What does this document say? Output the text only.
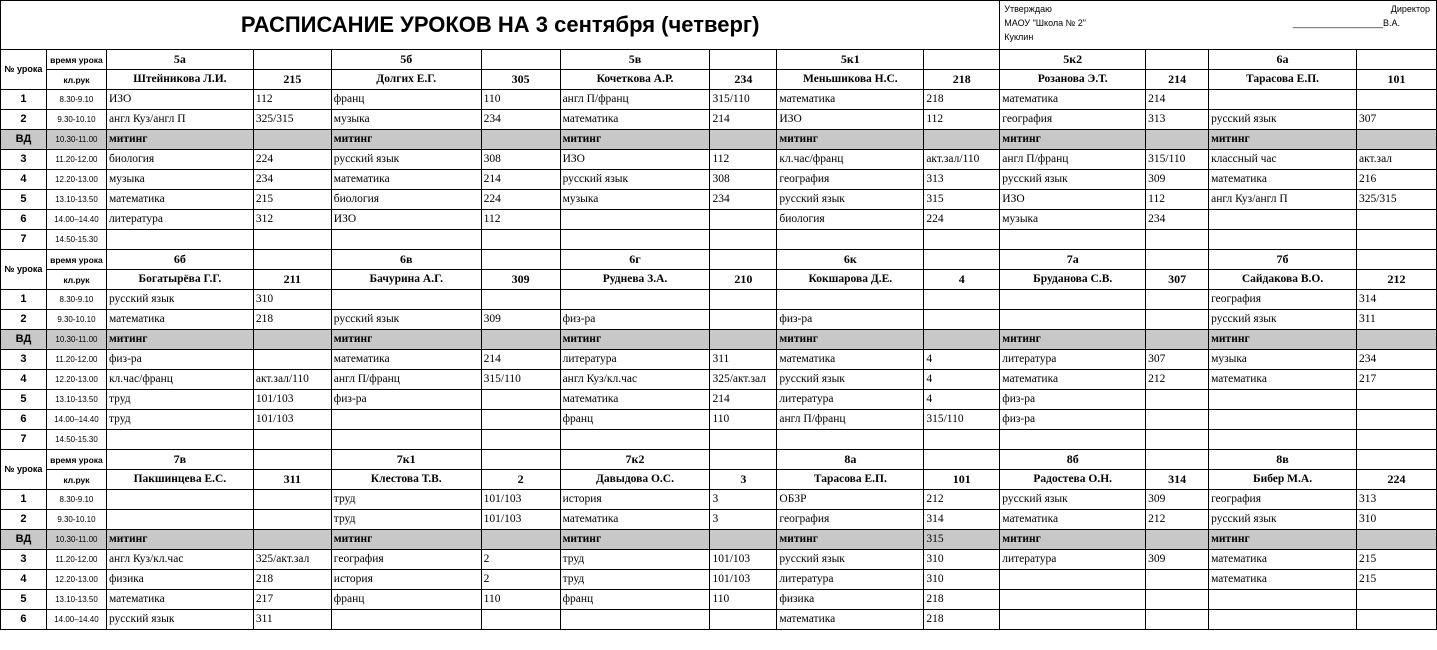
РАСПИСАНИЕ УРОКОВ НА 3 сентября (четверг)										Утверждаю Директор
МАОУ "Школа № 2" __________________В.А.
Куклин			

№ урока	время урока	5а		5б		5в		5к1		5к2		6а	
	кл.рук	Штейникова Л.И.	215	Долгих Е.Г.	305	Кочеткова А.Р.	234	Меньшикова Н.С.	218	Розанова Э.Т.	214	Тарасова Е.П.	101
1	8.30-9.10	ИЗО	112	франц	110	англ П/франц	315/110	математика	218	математика	214		
2	9.30-10.10	англ Куз/англ П	325/315	музыка	234	математика	214	ИЗО	112	география	313	русский язык	307
ВД	10.30-11.00	митинг		митинг		митинг		митинг		митинг		митинг	
3	11.20-12.00	биология	224	русский язык	308	ИЗО	112	кл.час/франц	акт.зал/110	англ П/франц	315/110	классный час	акт.зал
4	12.20-13.00	музыка	234	математика	214	русский язык	308	география	313	русский язык	309	математика	216
5	13.10-13.50	математика	215	биология	224	музыка	234	русский язык	315	ИЗО	112	англ Куз/англ П	325/315
6	14.00–14.40	литература	312	ИЗО	112			биология	224	музыка	234		
7	14.50-15.30												
№ урока	время урока	6б		6в		6г		6к		7а		7б	
	кл.рук	Богатырёва Г.Г.	211	Бачурина А.Г.	309	Руднева З.А.	210	Кокшарова Д.Е.	4	Бруданова С.В.	307	Сайдакова В.О.	212
1	8.30-9.10	русский язык	310									география	314
2	9.30-10.10	математика	218	русский язык	309	физ-ра		физ-ра				русский язык	311
ВД	10.30-11.00	митинг		митинг		митинг		митинг		митинг		митинг	
3	11.20-12.00	физ-ра		математика	214	литература	311	математика	4	литература	307	музыка	234
4	12.20-13.00	кл.час/франц	акт.зал/110	англ П/франц	315/110	англ Куз/кл.час	325/акт.зал	русский язык	4	математика	212	математика	217
5	13.10-13.50	труд	101/103	физ-ра		математика	214	литература	4	физ-ра			
6	14.00–14.40	труд	101/103			франц	110	англ П/франц	315/110	физ-ра			
7	14.50-15.30												
№ урока	время урока	7в		7к1		7к2		8а		8б		8в	
	кл.рук	Пакшинцева Е.С.	311	Клестова Т.В.	2	Давыдова О.С.	3	Тарасова Е.П.	101	Радостева О.Н.	314	Бибер М.А.	224
1	8.30-9.10			труд	101/103	история	3	ОБЗР	212	русский язык	309	география	313
2	9.30-10.10			труд	101/103	математика	3	география	314	математика	212	русский язык	310
ВД	10.30-11.00	митинг		митинг		митинг		митинг	315	митинг		митинг	
3	11.20-12.00	англ Куз/кл.час	325/акт.зал	география	2	труд	101/103	русский язык	310	литература	309	математика	215
4	12.20-13.00	физика	218	история	2	труд	101/103	литература	310			математика	215
5	13.10-13.50	математика	217	франц	110	франц	110	физика	218				
6	14.00–14.40	русский язык	311					математика	218				
